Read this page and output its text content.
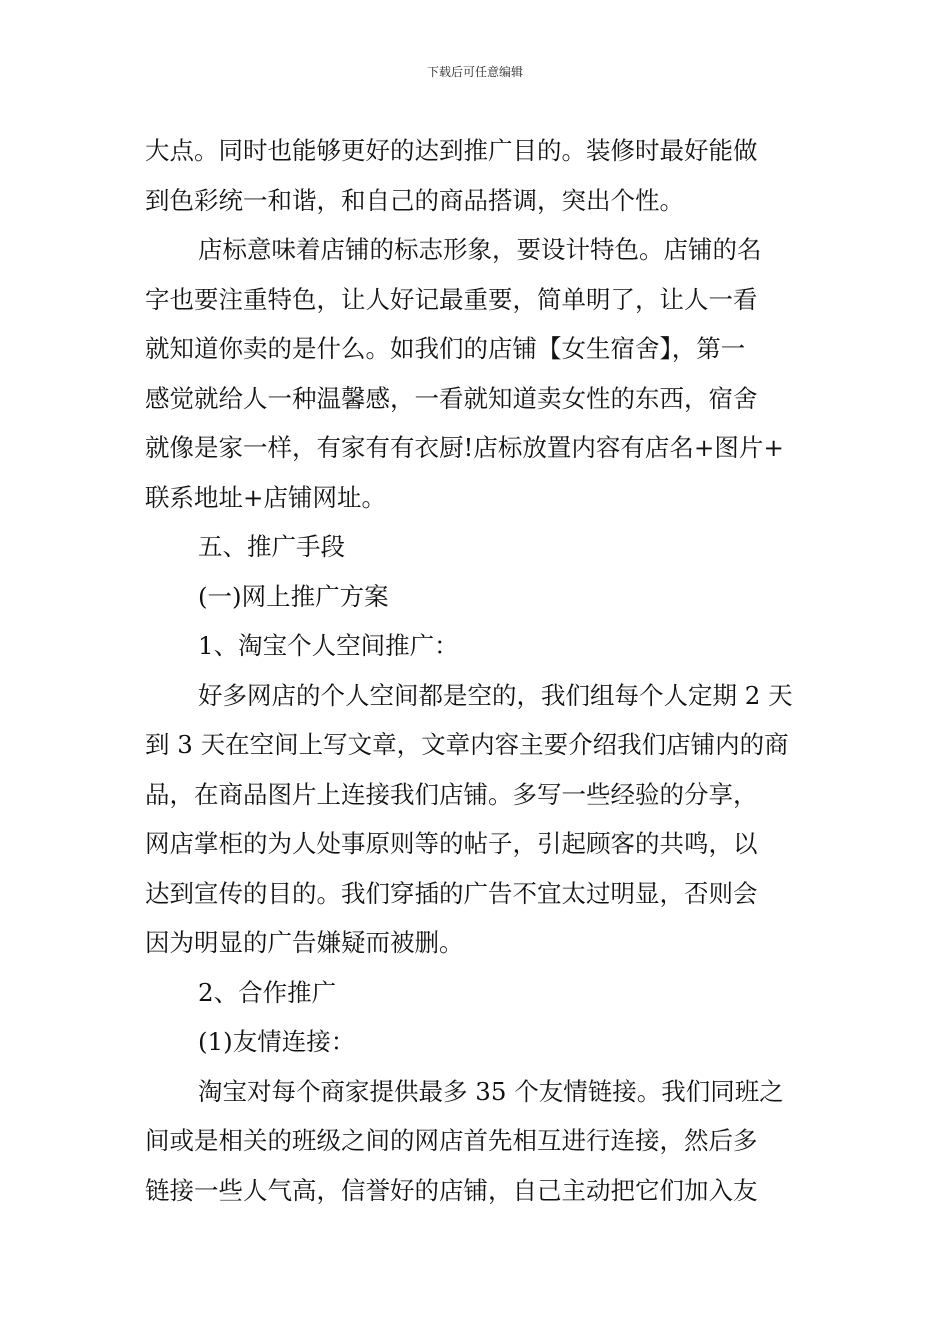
下载后可任意编辑
大点。同时也能够更好的达到推广目的。装修时最好能做
到色彩统一和谐，和自己的商品搭调，突出个性。
店标意味着店铺的标志形象，要设计特色。店铺的名
字也要注重特色，让人好记最重要，简单明了，让人一看
就知道你卖的是什么。如我们的店铺【女生宿舍】，第一
感觉就给人一种温馨感，一看就知道卖女性的东西，宿舍
就像是家一样，有家有有衣厨!店标放置内容有店名+图片+
联系地址+店铺网址。
五、推广手段
(一)网上推广方案
1、淘宝个人空间推广：
好多网店的个人空间都是空的，我们组每个人定期 2 天
到 3 天在空间上写文章，文章内容主要介绍我们店铺内的商
品，在商品图片上连接我们店铺。多写一些经验的分享，
网店掌柜的为人处事原则等的帖子，引起顾客的共鸣，以
达到宣传的目的。我们穿插的广告不宜太过明显，否则会
因为明显的广告嫌疑而被删。
2、合作推广
(1)友情连接：
淘宝对每个商家提供最多 35 个友情链接。我们同班之
间或是相关的班级之间的网店首先相互进行连接，然后多
链接一些人气高，信誉好的店铺，自己主动把它们加入友
